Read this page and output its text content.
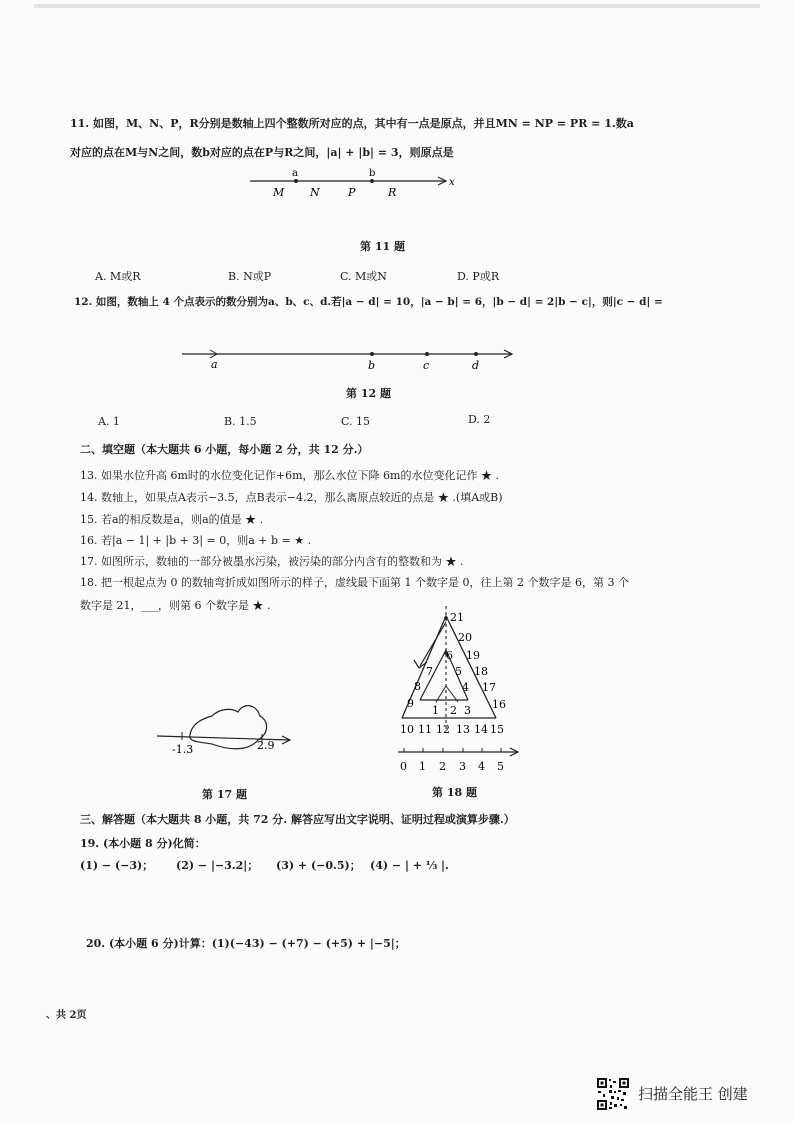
11. 如图，M、N、P，R分别是数轴上四个整数所对应的点，其中有一点是原点，并且MN = NP = PR = 1.数a
对应的点在M与N之间，数b对应的点在P与R之间，|a| + |b| = 3，则原点是
x
M N	P	R
a	b
第 11 题
A. M或R	B. N或P	C. M或N	D. P或R
12. 如图，数轴上 4 个点表示的数分别为a、b、c、d.若|a − d| = 10，|a − b| = 6，|b − d| = 2|b − c|，则|c − d| =
a	b	c	d
第 12 题
A. 1	B. 1.5	C. 15	D. 2
二、填空题（本大题共 6 小题，每小题 2 分，共 12 分.）
13. 如果水位升高 6m时的水位变化记作+6m，那么水位下降 6m的水位变化记作 ★ .
14. 数轴上，如果点A表示−3.5，点B表示−4.2，那么离原点较近的点是 ★ .(填A或B)
15. 若a的相反数是a，则a的值是 ★ .
16. 若|a − 1| + |b + 3| = 0，则a + b = ★ .
17. 如图所示，数轴的一部分被墨水污染，被污染的部分内含有的整数和为 ★ .
18. 把一根起点为 0 的数轴弯折成如图所示的样子，虚线最下面第 1 个数字是 0，往上第 2 个数字是 6，第 3 个
数字是 21，___，则第 6 个数字是 ★ .
-1.3	2.9
第 17 题
21
20
19
18
17
16
15
14
13
12
11
10
9
8
7
6
5
4
3
2
1
0 1 2 3 4 5
第 18 题
三、解答题（本大题共 8 小题，共 72 分. 解答应写出文字说明、证明过程或演算步骤.）
19. (本小题 8 分)化简：
(1) − (−3)； (2) − |−3.2|； (3) + (−0.5)； (4) − | + ⅓ |.
20. (本小题 6 分)计算：(1)(−43) − (+7) − (+5) + |−5|；
、共 2页
扫描全能王 创建
